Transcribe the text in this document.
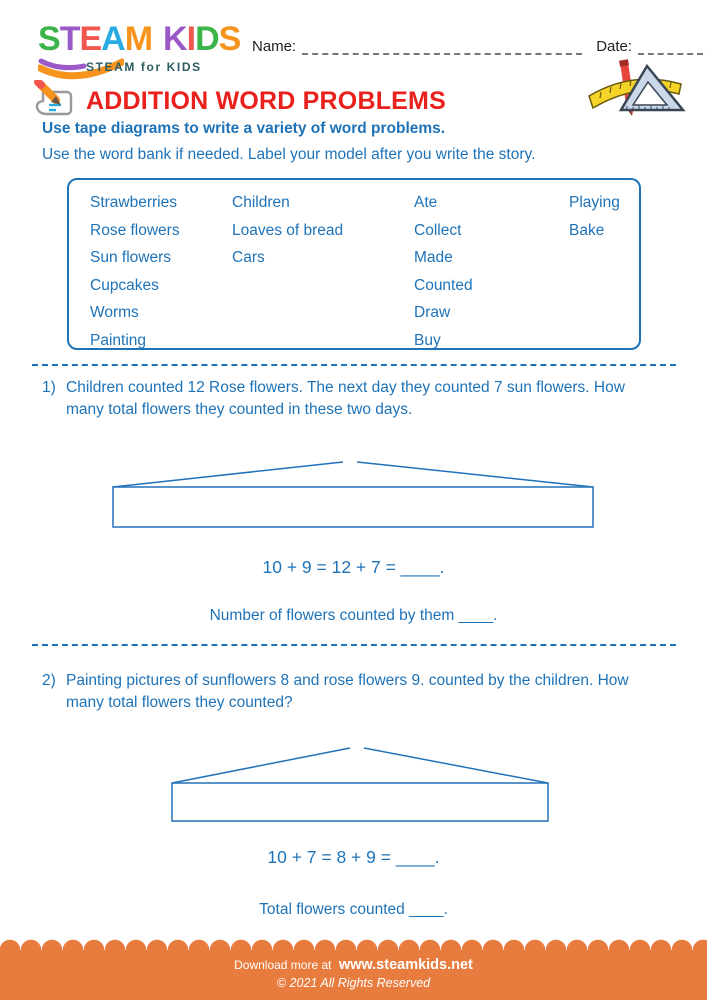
STEAM KIDS
STEAM for KIDS
Name:	Date:
ADDITION WORD PROBLEMS
Use tape diagrams to write a variety of word problems.
Use the word bank if needed. Label your model after you write the story.
Strawberries
Rose flowers
Sun flowers
Cupcakes
Worms
Painting
Children
Loaves of bread
Cars
Ate
Collect
Made
Counted
Draw
Buy
Playing
Bake
1) Children counted 12 Rose flowers. The next day they counted 7 sun flowers. How many total flowers they counted in these two days.
10 + 9 = 12 + 7 = ____.
Number of flowers counted by them ____.
2) Painting pictures of sunflowers 8 and rose flowers 9. counted by the children. How many total flowers they counted?
10 + 7 = 8 + 9 = ____.
Total flowers counted ____.
Download more at www.steamkids.net
© 2021 All Rights Reserved
